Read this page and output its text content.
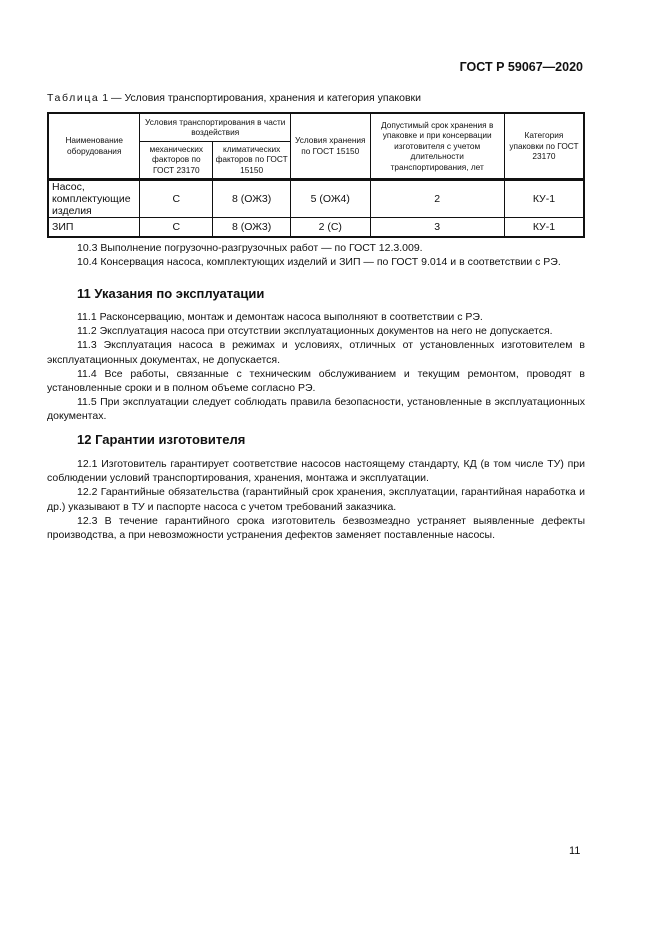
ГОСТ Р 59067—2020
Таблица 1 — Условия транспортирования, хранения и категория упаковки
Наименование оборудования	Условия транспортирования в части воздействия		Условия хранения по ГОСТ 15150	Допустимый срок хранения в упаковке и при консервации изготовителя с учетом длительности транспортирования, лет	Категория упаковки по ГОСТ 23170
	механических факторов по ГОСТ 23170	климатических факторов по ГОСТ 15150			
Насос, комплектующие изделия	С	8 (ОЖ3)	5 (ОЖ4)	2	КУ-1
ЗИП	С	8 (ОЖ3)	2 (С)	3	КУ-1

10.3 Выполнение погрузочно-разгрузочных работ — по ГОСТ 12.3.009.

10.4 Консервация насоса, комплектующих изделий и ЗИП — по ГОСТ 9.014 и в соответствии с РЭ.

11 Указания по эксплуатации

11.1 Расконсервацию, монтаж и демонтаж насоса выполняют в соответствии с РЭ.

11.2 Эксплуатация насоса при отсутствии эксплуатационных документов на него не допускается.

11.3 Эксплуатация насоса в режимах и условиях, отличных от установленных изготовителем в эксплуатационных документах, не допускается.

11.4 Все работы, связанные с техническим обслуживанием и текущим ремонтом, проводят в установленные сроки и в полном объеме согласно РЭ.

11.5 При эксплуатации следует соблюдать правила безопасности, установленные в эксплуатационных документах.

12 Гарантии изготовителя

12.1 Изготовитель гарантирует соответствие насосов настоящему стандарту, КД (в том числе ТУ) при соблюдении условий транспортирования, хранения, монтажа и эксплуатации.

12.2 Гарантийные обязательства (гарантийный срок хранения, эксплуатации, гарантийная наработка и др.) указывают в ТУ и паспорте насоса с учетом требований заказчика.

12.3 В течение гарантийного срока изготовитель безвозмездно устраняет выявленные дефекты производства, а при невозможности устранения дефектов заменяет поставленные насосы.

11
